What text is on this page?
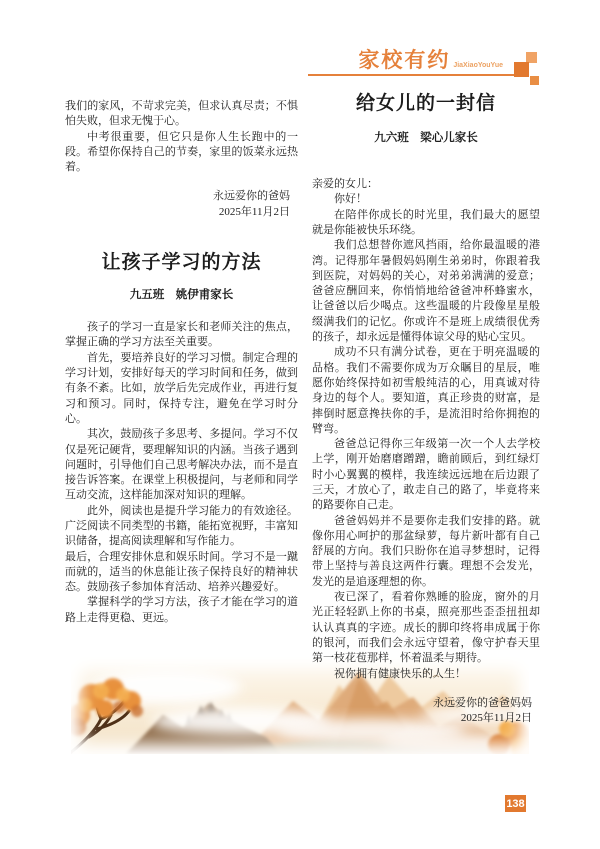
家校有约 JiaXiaoYouYue

我们的家风，不苛求完美，但求认真尽责；不惧怕失败，但求无愧于心。

中考很重要，但它只是你人生长跑中的一段。希望你保持自己的节奏，家里的饭菜永远热着。

永远爱你的爸妈

2025年11月2日

让孩子学习的方法

九五班　姚伊甫家长

孩子的学习一直是家长和老师关注的焦点，掌握正确的学习方法至关重要。

首先，要培养良好的学习习惯。制定合理的学习计划，安排好每天的学习时间和任务，做到有条不紊。比如，放学后先完成作业，再进行复习和预习。同时，保持专注，避免在学习时分心。

其次，鼓励孩子多思考、多提问。学习不仅仅是死记硬背，要理解知识的内涵。当孩子遇到问题时，引导他们自己思考解决办法，而不是直接告诉答案。在课堂上积极提问，与老师和同学互动交流，这样能加深对知识的理解。

此外，阅读也是提升学习能力的有效途径。广泛阅读不同类型的书籍，能拓宽视野，丰富知识储备，提高阅读理解和写作能力。

最后，合理安排休息和娱乐时间。学习不是一蹴而就的，适当的休息能让孩子保持良好的精神状态。鼓励孩子参加体育活动、培养兴趣爱好。

掌握科学的学习方法，孩子才能在学习的道路上走得更稳、更远。

给女儿的一封信

九六班　梁心儿家长

亲爱的女儿：

你好！

在陪伴你成长的时光里，我们最大的愿望就是你能被快乐环绕。

我们总想替你遮风挡雨，给你最温暖的港湾。记得那年暑假妈妈刚生弟弟时，你跟着我到医院，对妈妈的关心，对弟弟满满的爱意；爸爸应酬回来，你悄悄地给爸爸冲杯蜂蜜水，让爸爸以后少喝点。这些温暖的片段像星星般缀满我们的记忆。你或许不是班上成绩很优秀的孩子，却永远是懂得体谅父母的贴心宝贝。

成功不只有满分试卷，更在于明亮温暖的品格。我们不需要你成为万众瞩目的星辰，唯愿你始终保持如初雪般纯洁的心，用真诚对待身边的每个人。要知道，真正珍贵的财富，是摔倒时愿意搀扶你的手，是流泪时给你拥抱的臂弯。

爸爸总记得你三年级第一次一个人去学校上学，刚开始磨磨蹭蹭，瞻前顾后，到红绿灯时小心翼翼的模样，我连续远远地在后边跟了三天，才放心了，敢走自己的路了，毕竟将来的路要你自己走。

爸爸妈妈并不是要你走我们安排的路。就像你用心呵护的那盆绿萝，每片新叶都有自己舒展的方向。我们只盼你在追寻梦想时，记得带上坚持与善良这两件行囊。理想不会发光，发光的是追逐理想的你。

夜已深了，看着你熟睡的脸庞，窗外的月光正轻轻趴上你的书桌，照亮那些歪歪扭扭却认认真真的字迹。成长的脚印终将串成属于你的银河，而我们会永远守望着，像守护春天里第一枝花苞那样，怀着温柔与期待。

祝你拥有健康快乐的人生！

永远爱你的爸爸妈妈

2025年11月2日

138
